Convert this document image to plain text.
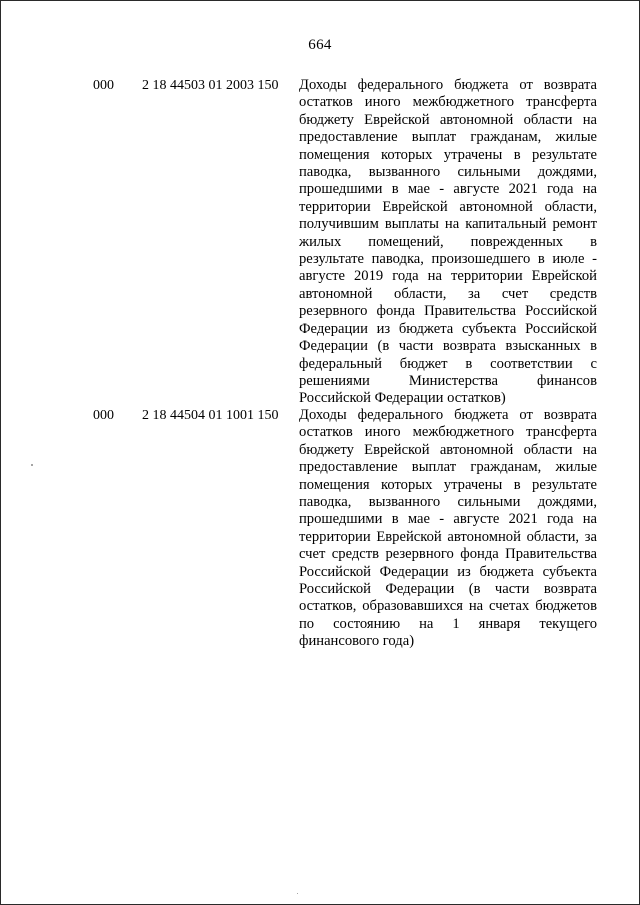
664
000 2 18 44503 01 2003 150 Доходы федерального бюджета от возврата
остатков иного межбюджетного трансферта
бюджету Еврейской автономной области на
предоставление выплат гражданам, жилые
помещения которых утрачены в результате
паводка, вызванного сильными дождями,
прошедшими в мае - августе 2021 года на
территории Еврейской автономной области,
получившим выплаты на капитальный ремонт
жилых помещений, поврежденных в
результате паводка, произошедшего в июле -
августе 2019 года на территории Еврейской
автономной области, за счет средств
резервного фонда Правительства Российской
Федерации из бюджета субъекта Российской
Федерации (в части возврата взысканных в
федеральный бюджет в соответствии с
решениями Министерства финансов
Российской Федерации остатков)
000 2 18 44504 01 1001 150 Доходы федерального бюджета от возврата
остатков иного межбюджетного трансферта
бюджету Еврейской автономной области на
предоставление выплат гражданам, жилые
помещения которых утрачены в результате
паводка, вызванного сильными дождями,
прошедшими в мае - августе 2021 года на
территории Еврейской автономной области, за
счет средств резервного фонда Правительства
Российской Федерации из бюджета субъекта
Российской Федерации (в части возврата
остатков, образовавшихся на счетах бюджетов
по состоянию на 1 января текущего
финансового года)
